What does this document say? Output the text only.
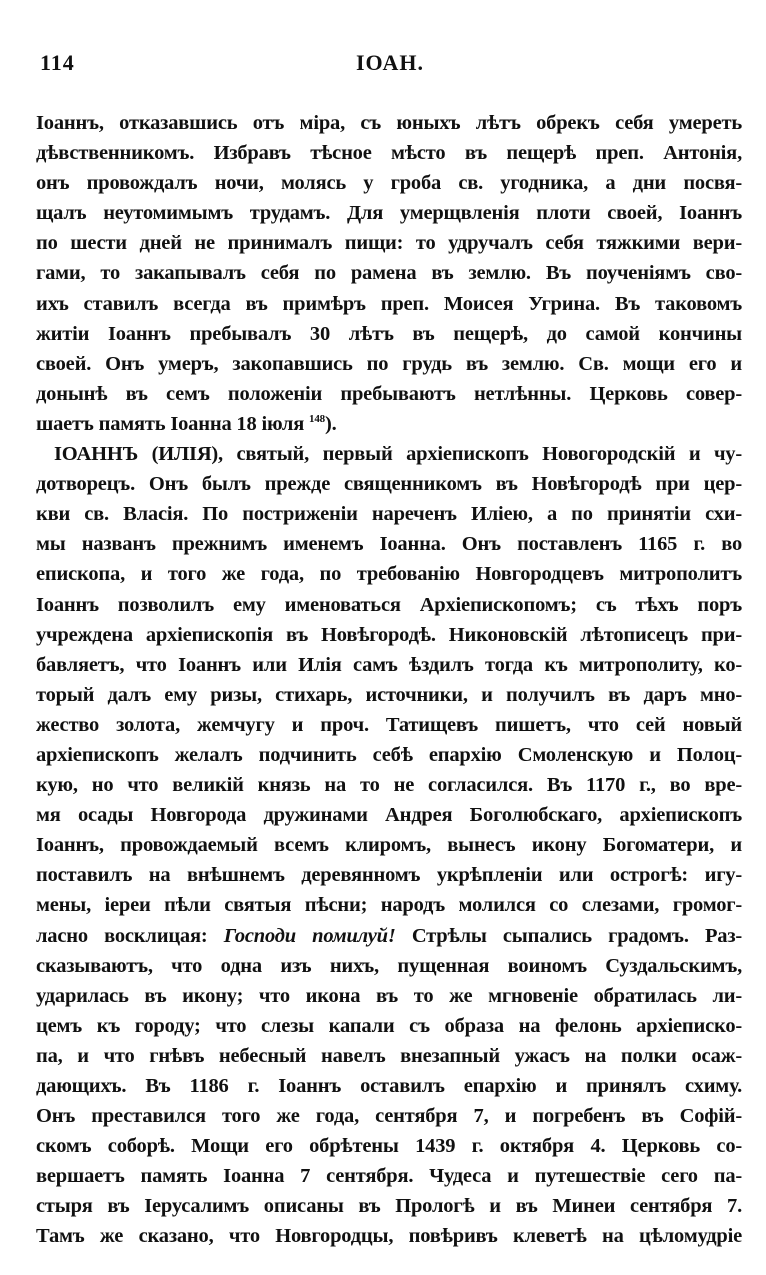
114	ІОАН.
Іоаннъ, отказавшись отъ міра, съ юныхъ лѣтъ обрекъ себя умереть
дѣвственникомъ. Избравъ тѣсное мѣсто въ пещерѣ преп. Антонія,
онъ провождалъ ночи, молясь у гроба св. угодника, а дни посвя-
щалъ неутомимымъ трудамъ. Для умерщвленія плоти своей, Іоаннъ
по шести дней не принималъ пищи: то удручалъ себя тяжкими вери-
гами, то закапывалъ себя по рамена въ землю. Въ поученіямъ сво-
ихъ ставилъ всегда въ примѣръ преп. Моисея Угрина. Въ таковомъ
житіи Іоаннъ пребывалъ 30 лѣтъ въ пещерѣ, до самой кончины
своей. Онъ умеръ, закопавшись по грудь въ землю. Св. мощи его и
донынѣ въ семъ положеніи пребываютъ нетлѣнны. Церковь совер-
шаетъ память Іоанна 18 іюля $^{148}$).
ІОАННЪ (ИЛІЯ), святый, первый архіепископъ Новогородскій и чу-
дотворецъ. Онъ былъ прежде священникомъ въ Новѣгородѣ при цер-
кви св. Власія. По постриженіи нареченъ Иліею, а по принятіи схи-
мы названъ прежнимъ именемъ Іоанна. Онъ поставленъ 1165 г. во
епископа, и того же года, по требованію Новгородцевъ митрополитъ
Іоаннъ позволилъ ему именоваться Архіепископомъ; съ тѣхъ поръ
учреждена архіепископія въ Новѣгородѣ. Никоновскій лѣтописецъ при-
бавляетъ, что Іоаннъ или Илія самъ ѣздилъ тогда къ митрополиту, ко-
торый далъ ему ризы, стихарь, источники, и получилъ въ даръ мно-
жество золота, жемчугу и проч. Татищевъ пишетъ, что сей новый
архіепископъ желалъ подчинить себѣ епархію Смоленскую и Полоц-
кую, но что великій князь на то не согласился. Въ 1170 г., во вре-
мя осады Новгорода дружинами Андрея Боголюбскаго, архіепископъ
Іоаннъ, провождаемый всемъ клиромъ, вынесъ икону Богоматери, и
поставилъ на внѣшнемъ деревянномъ укрѣпленіи или острогѣ: игу-
мены, іереи пѣли святыя пѣсни; народъ молился со слезами, громог-
ласно восклицая: Господи помилуй! Стрѣлы сыпались градомъ. Раз-
сказываютъ, что одна изъ нихъ, пущенная воиномъ Суздальскимъ,
ударилась въ икону; что икона въ то же мгновеніе обратилась ли-
цемъ къ городу; что слезы капали съ образа на фелонь архіеписко-
па, и что гнѣвъ небесный навелъ внезапный ужасъ на полки осаж-
дающихъ. Въ 1186 г. Іоаннъ оставилъ епархію и принялъ схиму.
Онъ преставился того же года, сентября 7, и погребенъ въ Софій-
скомъ соборѣ. Мощи его обрѣтены 1439 г. октября 4. Церковь со-
вершаетъ память Іоанна 7 сентября. Чудеса и путешествіе сего па-
стыря въ Іерусалимъ описаны въ Прологѣ и въ Минеи сентября 7.
Тамъ же сказано, что Новгородцы, повѣривъ клеветѣ на цѣломудріе
